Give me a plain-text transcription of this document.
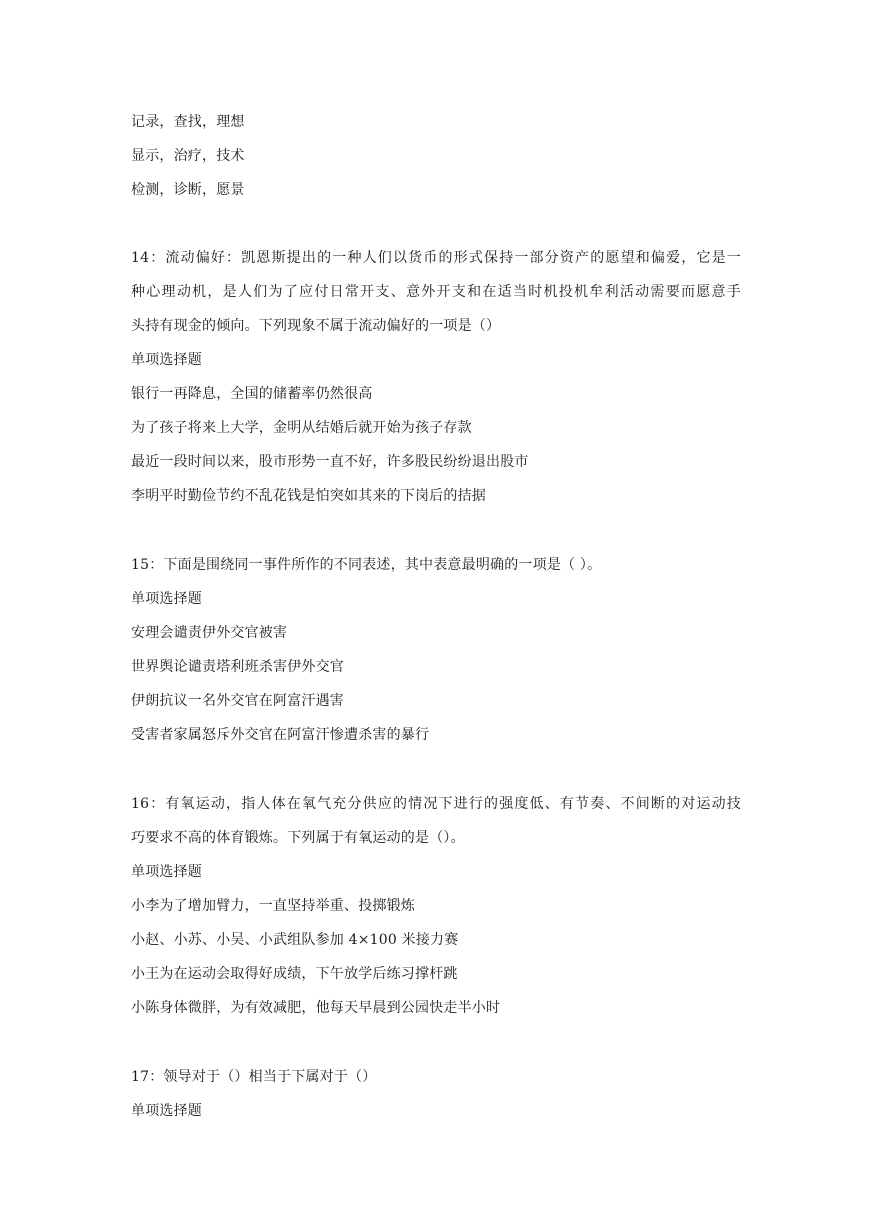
记录，查找，理想
显示，治疗，技术
检测，诊断，愿景
14：流动偏好：凯恩斯提出的一种人们以货币的形式保持一部分资产的愿望和偏爱，它是一
种心理动机，是人们为了应付日常开支、意外开支和在适当时机投机牟利活动需要而愿意手
头持有现金的倾向。下列现象不属于流动偏好的一项是（）
单项选择题
银行一再降息，全国的储蓄率仍然很高
为了孩子将来上大学，金明从结婚后就开始为孩子存款
最近一段时间以来，股市形势一直不好，许多股民纷纷退出股市
李明平时勤俭节约不乱花钱是怕突如其来的下岗后的拮据
15：下面是围绕同一事件所作的不同表述，其中表意最明确的一项是（ ）。
单项选择题
安理会谴责伊外交官被害
世界舆论谴责塔利班杀害伊外交官
伊朗抗议一名外交官在阿富汗遇害
受害者家属怒斥外交官在阿富汗惨遭杀害的暴行
16：有氧运动，指人体在氧气充分供应的情况下进行的强度低、有节奏、不间断的对运动技
巧要求不高的体育锻炼。下列属于有氧运动的是（）。
单项选择题
小李为了增加臂力，一直坚持举重、投掷锻炼
小赵、小苏、小吴、小武组队参加 4×100 米接力赛
小王为在运动会取得好成绩，下午放学后练习撑杆跳
小陈身体微胖，为有效减肥，他每天早晨到公园快走半小时
17：领导对于（）相当于下属对于（）
单项选择题
